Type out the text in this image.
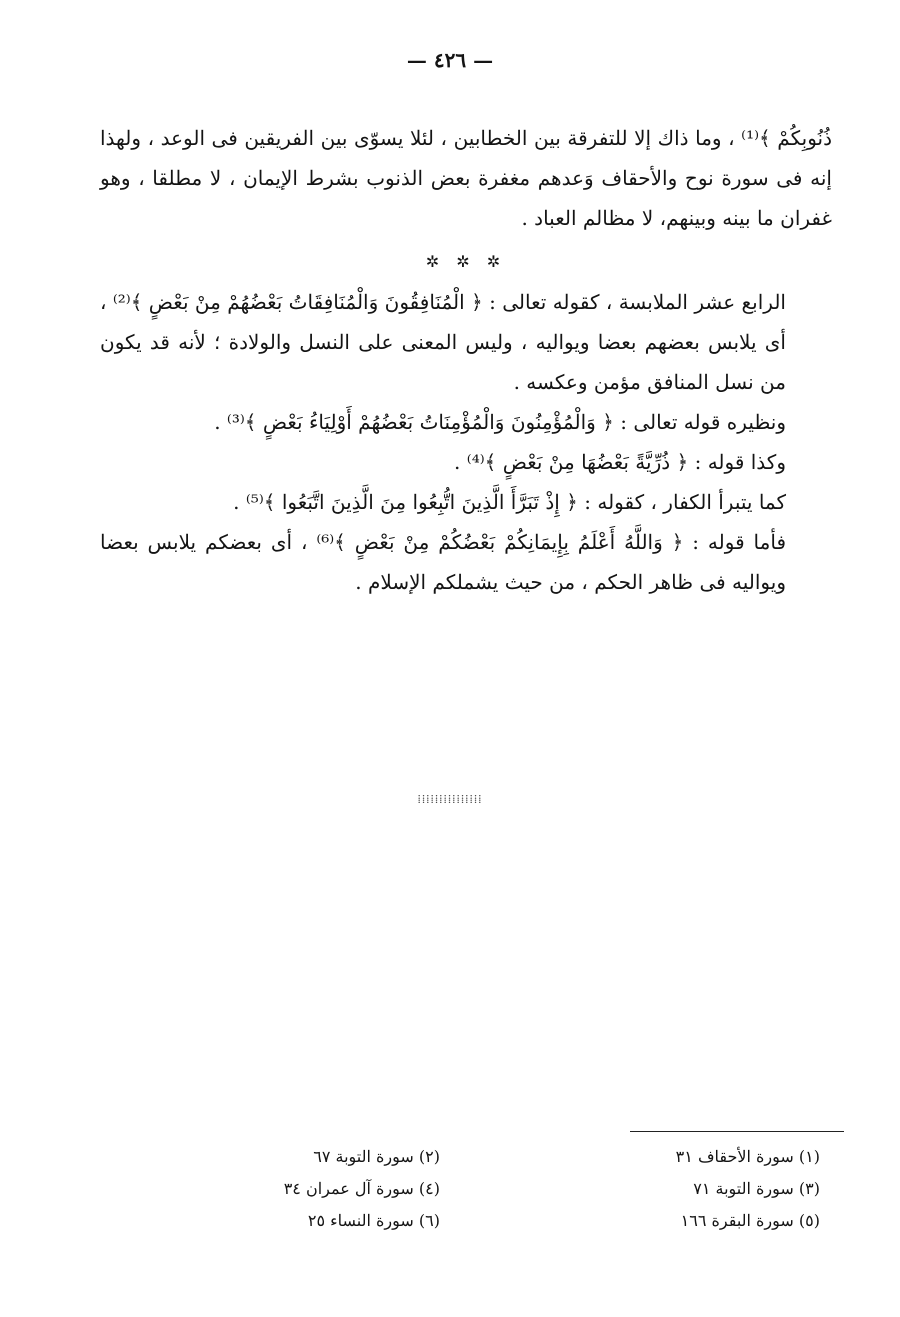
— ٤٢٦ —

ذُنُوبِكُمْ ﴾⁽¹⁾ ، وما ذاك إلا للتفرقة بين الخطابين ، لئلا يسوّى بين الفريقين فى الوعد ، ولهذا إنه فى سورة نوح والأحقاف وَعدهم مغفرة بعض الذنوب بشرط الإيمان ، لا مطلقا ، وهو غفران ما بينه وبينهم، لا مظالم العباد .

✲ ✲ ✲

الرابع عشر الملابسة ، كقوله تعالى : ﴿ الْمُنَافِقُونَ وَالْمُنَافِقَاتُ بَعْضُهُمْ مِنْ بَعْضٍ ﴾⁽²⁾ ، أى يلابس بعضهم بعضا ويواليه ، وليس المعنى على النسل والولادة ؛ لأنه قد يكون من نسل المنافق مؤمن وعكسه .

ونظيره قوله تعالى : ﴿ وَالْمُؤْمِنُونَ وَالْمُؤْمِنَاتُ بَعْضُهُمْ أَوْلِيَاءُ بَعْضٍ ﴾⁽³⁾ .

وكذا قوله : ﴿ ذُرِّيَّةً بَعْضُهَا مِنْ بَعْضٍ ﴾⁽⁴⁾ .

كما يتبرأ الكفار ، كقوله : ﴿ إِذْ تَبَرَّأَ الَّذِينَ اتُّبِعُوا مِنَ الَّذِينَ اتَّبَعُوا ﴾⁽⁵⁾ .

فأما قوله : ﴿ وَاللَّهُ أَعْلَمُ بِإِيمَانِكُمْ بَعْضُكُمْ مِنْ بَعْضٍ ﴾⁽⁶⁾ ، أى بعضكم يلابس بعضا ويواليه فى ظاهر الحكم ، من حيث يشملكم الإسلام .

⁞⁞⁞⁞⁞⁞⁞⁞⁞⁞⁞⁞⁞⁞⁞
(١) سورة الأحقاف ٣١
(٢) سورة التوبة ٦٧
(٣) سورة التوبة ٧١
(٤) سورة آل عمران ٣٤
(٥) سورة البقرة ١٦٦
(٦) سورة النساء ٢٥
